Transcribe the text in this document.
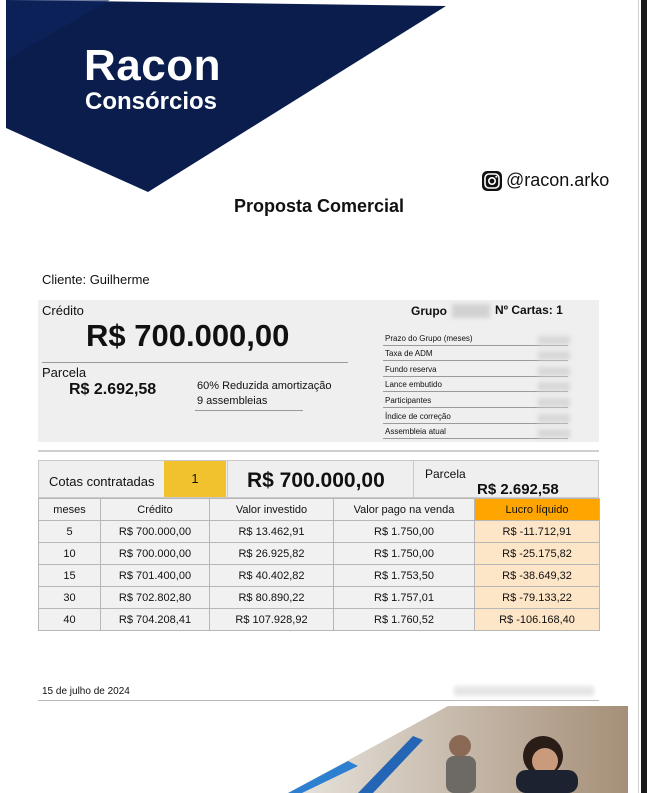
Racon
Consórcios
@racon.arko
Proposta Comercial
Cliente: Guilherme
Crédito
R$ 700.000,00
Parcela
R$ 2.692,58	60% Reduzida amortização
9 assembleias
Grupo	Nº Cartas: 1
Prazo do Grupo (meses)
Taxa de ADM
Fundo reserva
Lance embutido
Participantes
Índice de correção
Assembleia atual
Cotas contratadas	1	R$ 700.000,00	Parcela
R$ 2.692,58
meses	Crédito	Valor investido	Valor pago na venda	Lucro líquido
5	R$ 700.000,00	R$ 13.462,91	R$ 1.750,00	R$ -11.712,91
10	R$ 700.000,00	R$ 26.925,82	R$ 1.750,00	R$ -25.175,82
15	R$ 701.400,00	R$ 40.402,82	R$ 1.753,50	R$ -38.649,32
30	R$ 702.802,80	R$ 80.890,22	R$ 1.757,01	R$ -79.133,22
40	R$ 704.208,41	R$ 107.928,92	R$ 1.760,52	R$ -106.168,40
15 de julho de 2024
